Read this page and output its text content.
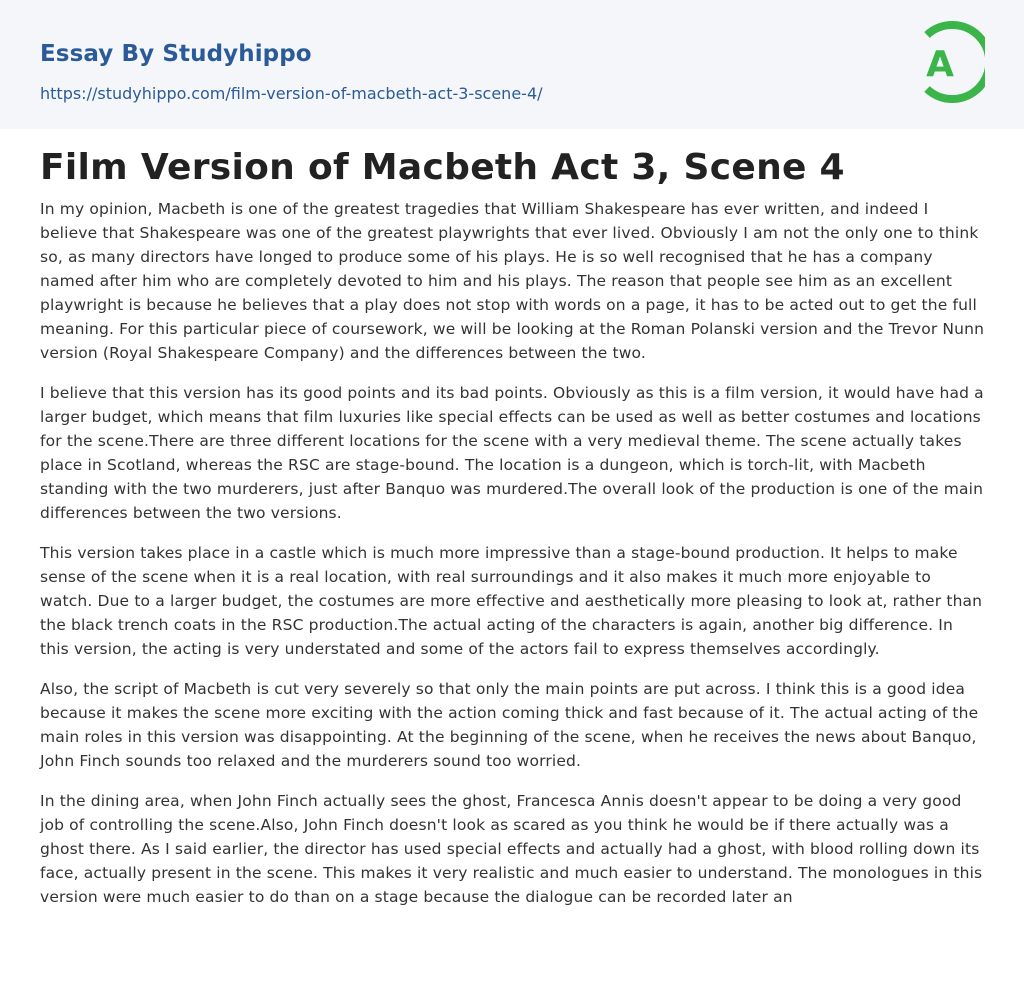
Essay By Studyhippo
https://studyhippo.com/film-version-of-macbeth-act-3-scene-4/
A
Film Version of Macbeth Act 3, Scene 4

In my opinion, Macbeth is one of the greatest tragedies that William Shakespeare has ever written, and indeed I believe that Shakespeare was one of the greatest playwrights that ever lived. Obviously I am not the only one to think so, as many directors have longed to produce some of his plays. He is so well recognised that he has a company named after him who are completely devoted to him and his plays. The reason that people see him as an excellent playwright is because he believes that a play does not stop with words on a page, it has to be acted out to get the full meaning. For this particular piece of coursework, we will be looking at the Roman Polanski version and the Trevor Nunn version (Royal Shakespeare Company) and the differences between the two.

I believe that this version has its good points and its bad points. Obviously as this is a film version, it would have had a larger budget, which means that film luxuries like special effects can be used as well as better costumes and locations for the scene.There are three different locations for the scene with a very medieval theme. The scene actually takes place in Scotland, whereas the RSC are stage-bound. The location is a dungeon, which is torch-lit, with Macbeth standing with the two murderers, just after Banquo was murdered.The overall look of the production is one of the main differences between the two versions.

This version takes place in a castle which is much more impressive than a stage-bound production. It helps to make sense of the scene when it is a real location, with real surroundings and it also makes it much more enjoyable to watch. Due to a larger budget, the costumes are more effective and aesthetically more pleasing to look at, rather than the black trench coats in the RSC production.The actual acting of the characters is again, another big difference. In this version, the acting is very understated and some of the actors fail to express themselves accordingly.

Also, the script of Macbeth is cut very severely so that only the main points are put across. I think this is a good idea because it makes the scene more exciting with the action coming thick and fast because of it. The actual acting of the main roles in this version was disappointing. At the beginning of the scene, when he receives the news about Banquo, John Finch sounds too relaxed and the murderers sound too worried.

In the dining area, when John Finch actually sees the ghost, Francesca Annis doesn't appear to be doing a very good job of controlling the scene.Also, John Finch doesn't look as scared as you think he would be if there actually was a ghost there. As I said earlier, the director has used special effects and actually had a ghost, with blood rolling down its face, actually present in the scene. This makes it very realistic and much easier to understand. The monologues in this version were much easier to do than on a stage because the dialogue can be recorded later an
